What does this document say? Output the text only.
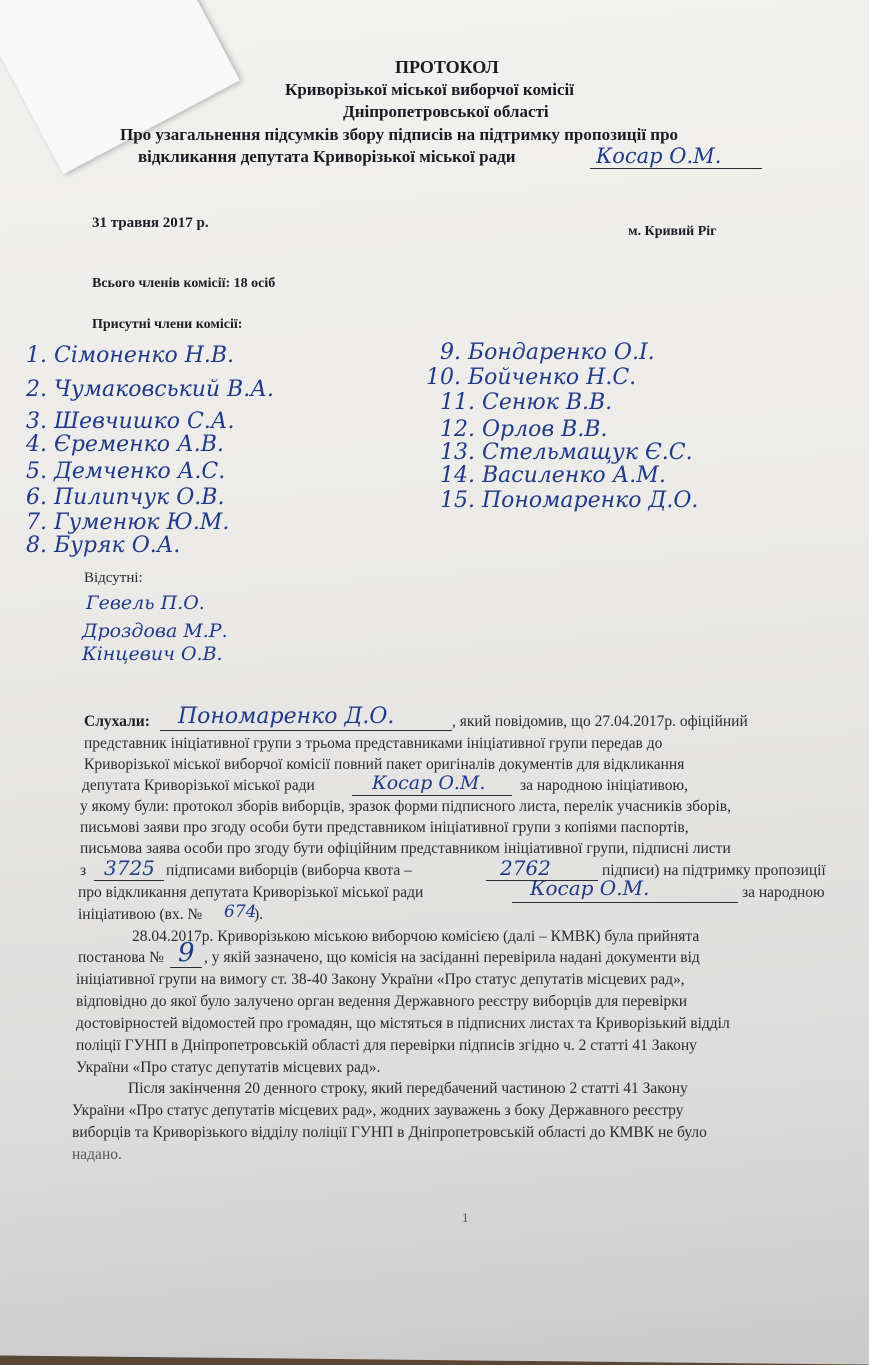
ПРОТОКОЛ
Криворізької міської виборчої комісії
Дніпропетровської області
Про узагальнення підсумків збору підписів на підтримку пропозиції про
відкликання депутата Криворізької міської ради	Косар О.М.
31 травня 2017 р.
м. Кривий Ріг
Всього членів комісії: 18 осіб
Присутні члени комісії:
1. Сімоненко Н.В.
2. Чумаковський В.А.
3. Шевчишко С.А.
4. Єременко А.В.
5. Демченко А.С.
6. Пилипчук О.В.
7. Гуменюк Ю.М.
8. Буряк О.А.
9. Бондаренко О.І.
10. Бойченко Н.С.
11. Сенюк В.В.
12. Орлов В.В.
13. Стельмащук Є.С.
14. Василенко А.М.
15. Пономаренко Д.О.
Відсутні:
Гевель П.О.
Дроздова М.Р.
Кінцевич О.В.
Слухали: Пономаренко Д.О.	, який повідомив, що 27.04.2017р. офіційний
представник ініціативної групи з трьома представниками ініціативної групи передав до
Криворізької міської виборчої комісії повний пакет оригіналів документів для відкликання
депутата Криворізької міської ради	Косар О.М. за народною ініціативою,
у якому були: протокол зборів виборців, зразок форми підписного листа, перелік учасників зборів,
письмові заяви про згоду особи бути представником ініціативної групи з копіями паспортів,
письмова заява особи про згоду бути офіційним представником ініціативної групи, підписні листи
з 3725 підписами виборців (виборча квота –	2762	підписи) на підтримку пропозиції
про відкликання депутата Криворізької міської ради	Косар О.М.	за народною
ініціативою (вх. № 674
).
28.04.2017р. Криворізькою міською виборчою комісією (далі – КМВК) була прийнята
постанова № 9 , у якій зазначено, що комісія на засіданні перевірила надані документи від
ініціативної групи на вимогу ст. 38-40 Закону України «Про статус депутатів місцевих рад»,
відповідно до якої було залучено орган ведення Державного реєстру виборців для перевірки
достовірностей відомостей про громадян, що містяться в підписних листах та Криворізький відділ
поліції ГУНП в Дніпропетровській області для перевірки підписів згідно ч. 2 статті 41 Закону
України «Про статус депутатів місцевих рад».
Після закінчення 20 денного строку, який передбачений частиною 2 статті 41 Закону
України «Про статус депутатів місцевих рад», жодних зауважень з боку Державного реєстру
виборців та Криворізького відділу поліції ГУНП в Дніпропетровській області до КМВК не було
надано.
1
